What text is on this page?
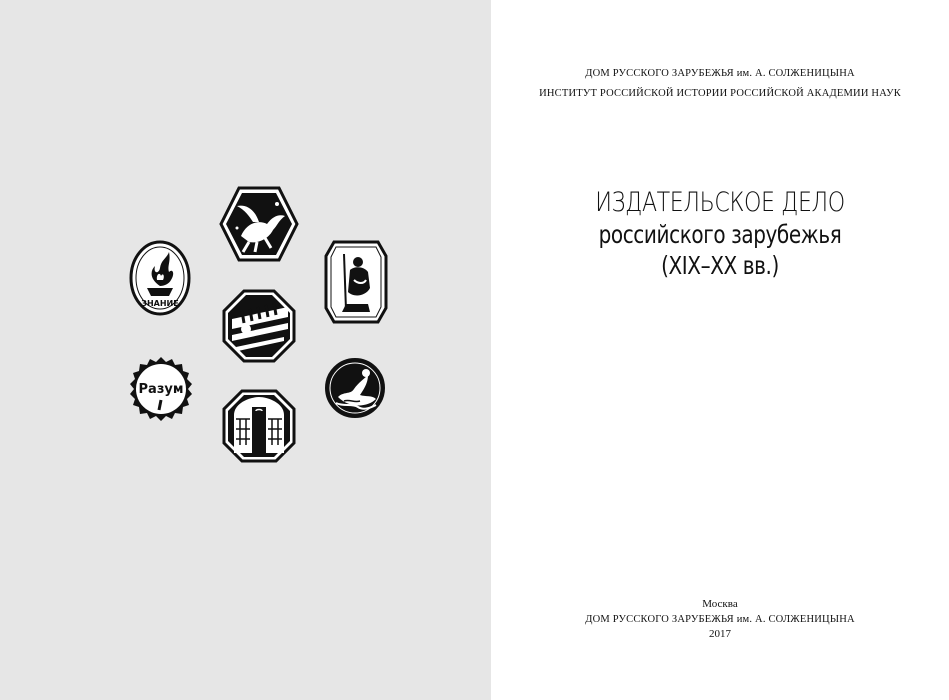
ЗНАНИЕ
Разум
ДОМ РУССКОГО ЗАРУБЕЖЬЯ им. А. СОЛЖЕНИЦЫНА
ИНСТИТУТ РОССИЙСКОЙ ИСТОРИИ РОССИЙСКОЙ АКАДЕМИИ НАУК
ИЗДАТЕЛЬСКОЕ ДЕЛО
российского зарубежья
(XIX–XX вв.)
Москва
ДОМ РУССКОГО ЗАРУБЕЖЬЯ им. А. СОЛЖЕНИЦЫНА
2017
